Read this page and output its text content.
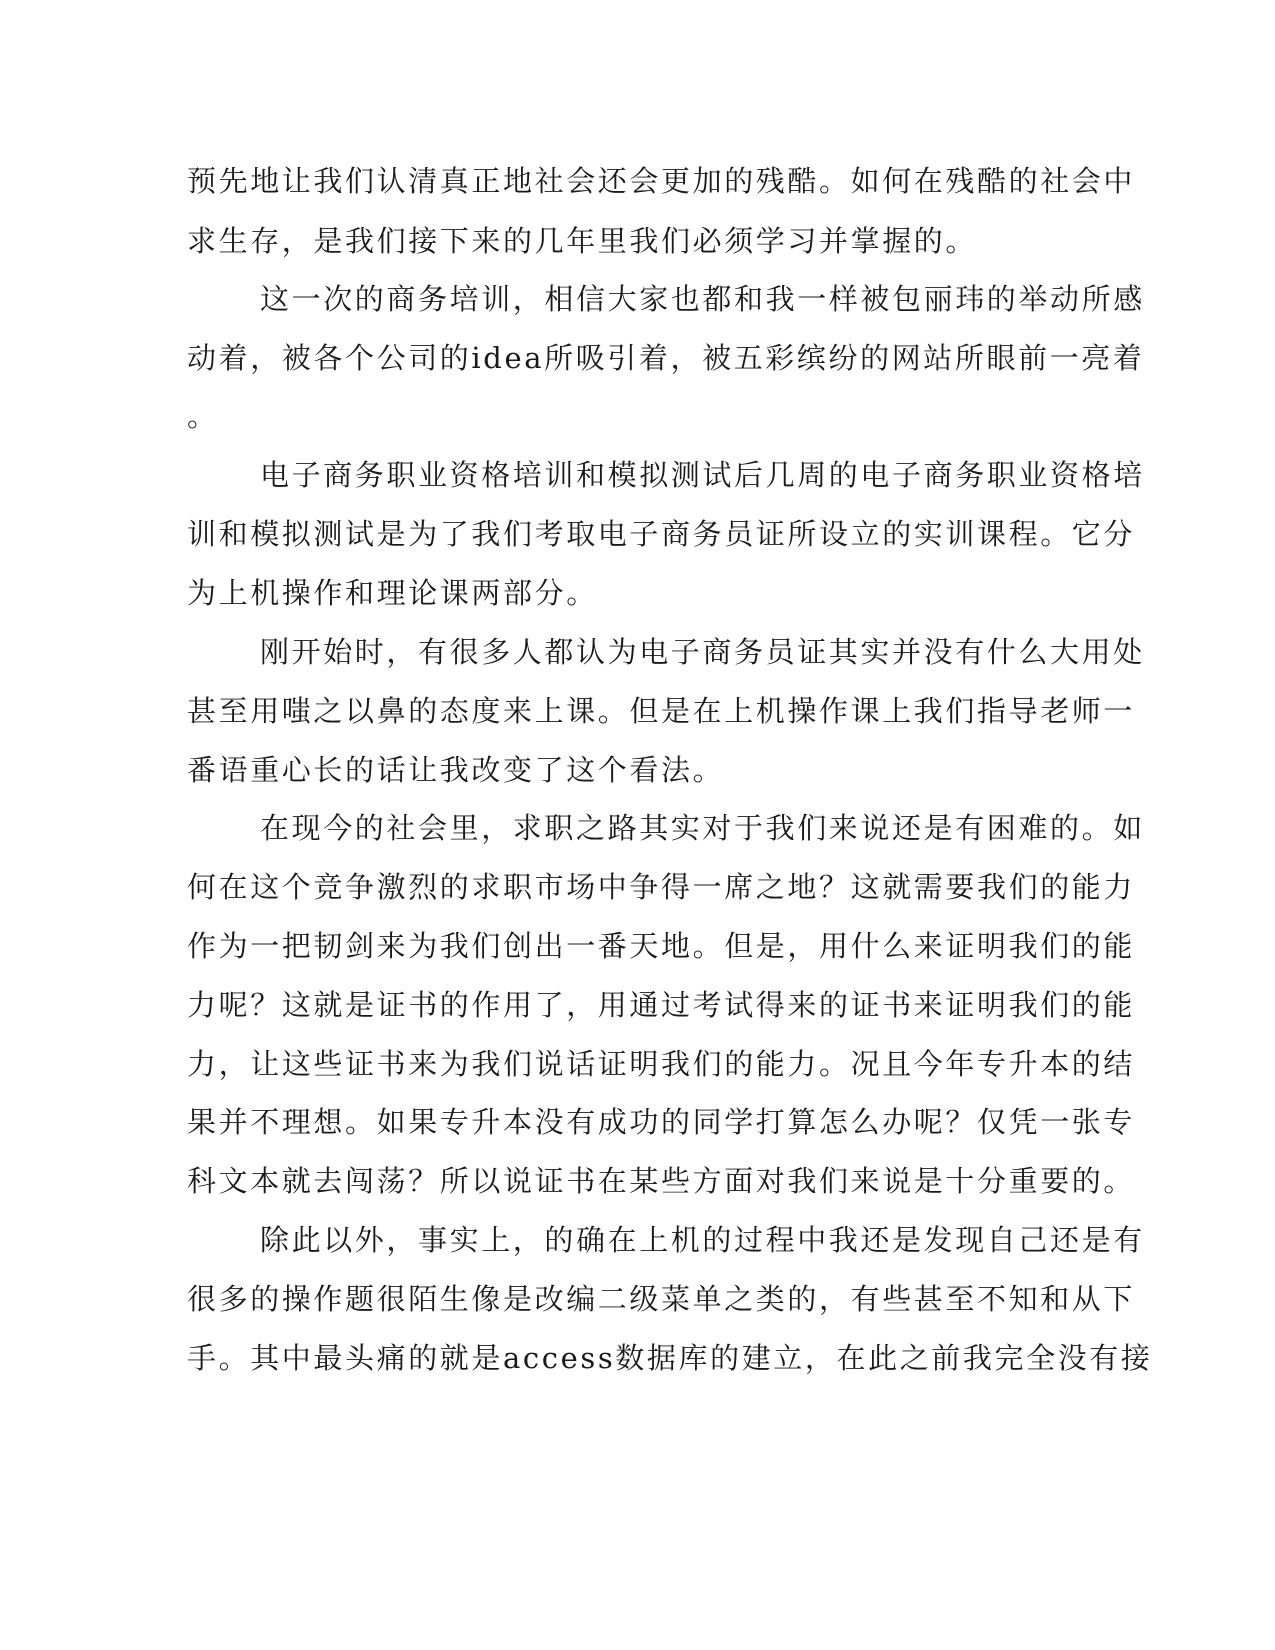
预先地让我们认清真正地社会还会更加的残酷。如何在残酷的社会中
求生存，是我们接下来的几年里我们必须学习并掌握的。
这一次的商务培训，相信大家也都和我一样被包丽玮的举动所感
动着，被各个公司的idea所吸引着，被五彩缤纷的网站所眼前一亮着
。
电子商务职业资格培训和模拟测试后几周的电子商务职业资格培
训和模拟测试是为了我们考取电子商务员证所设立的实训课程。它分
为上机操作和理论课两部分。
刚开始时，有很多人都认为电子商务员证其实并没有什么大用处
甚至用嗤之以鼻的态度来上课。但是在上机操作课上我们指导老师一
番语重心长的话让我改变了这个看法。
在现今的社会里，求职之路其实对于我们来说还是有困难的。如
何在这个竞争激烈的求职市场中争得一席之地？这就需要我们的能力
作为一把韧剑来为我们创出一番天地。但是，用什么来证明我们的能
力呢？这就是证书的作用了，用通过考试得来的证书来证明我们的能
力，让这些证书来为我们说话证明我们的能力。况且今年专升本的结
果并不理想。如果专升本没有成功的同学打算怎么办呢？仅凭一张专
科文本就去闯荡？所以说证书在某些方面对我们来说是十分重要的。
除此以外，事实上，的确在上机的过程中我还是发现自己还是有
很多的操作题很陌生像是改编二级菜单之类的，有些甚至不知和从下
手。其中最头痛的就是access数据库的建立，在此之前我完全没有接
